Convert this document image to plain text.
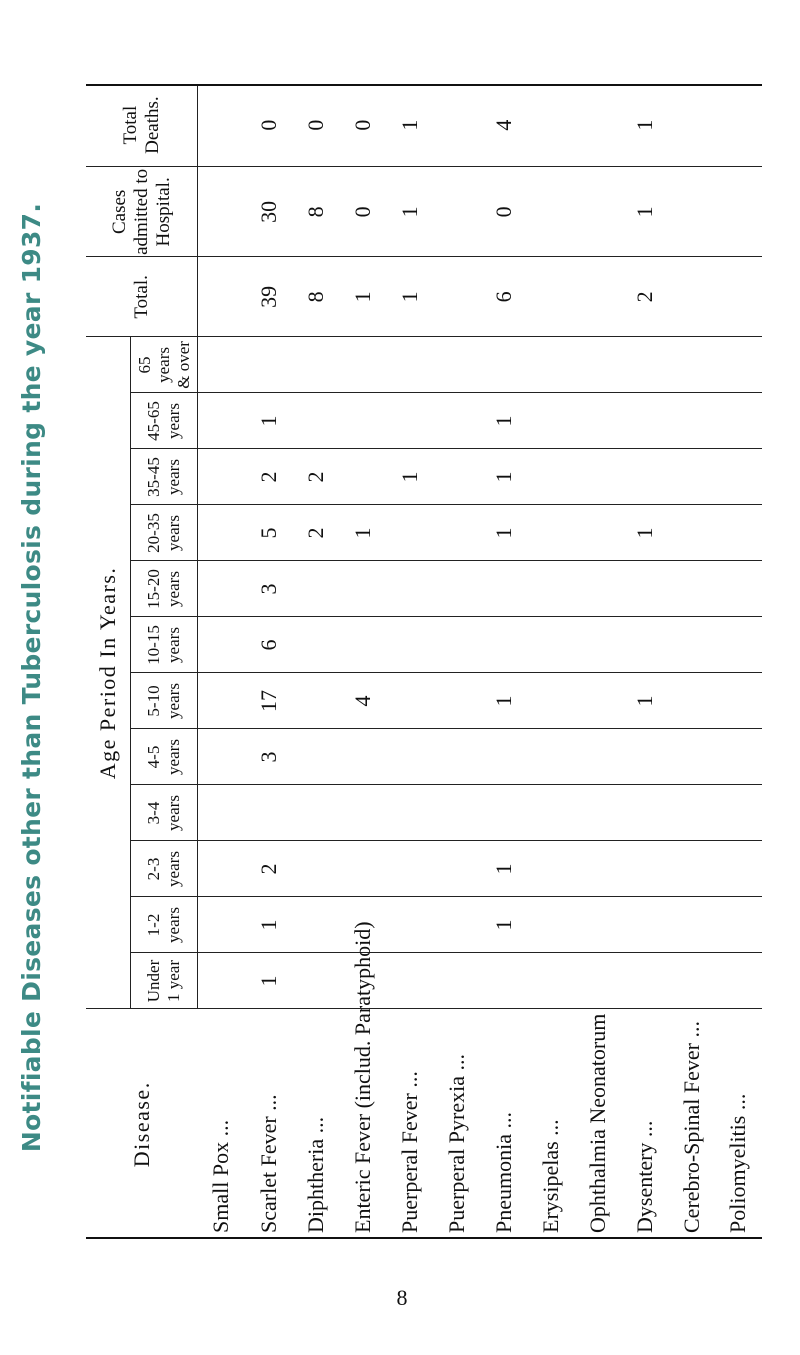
Notifiable Diseases other than Tuberculosis during the year 1937.	Disease.	Age Period In Years.												Total.	Cases admitted to Hospital.	Total Deaths.
	Under 1 year	1-2 years	2-3 years	3-4 years	4-5 years	5-10 years	10-15 years	15-20 years	20-35 years	35-45 years	45-65 years	65 years & over			
Small Pox ...															
Scarlet Fever ...	1	1	2		3	17	6	3	5	2	1		39	30	0
Diphtheria ...									2	2			8	8	0
Enteric Fever (includ. Paratyphoid)						4			1				1	0	0
Puerperal Fever ...										1			1	1	1
Puerperal Pyrexia ...															
Pneumonia ...		1	1			1			1	1	1		6	0	4
Erysipelas ...															
Ophthalmia Neonatorum															
Dysentery ...						1			1				2	1	1
Cerebro-Spinal Fever ...															
Poliomyelitis ...															
8
